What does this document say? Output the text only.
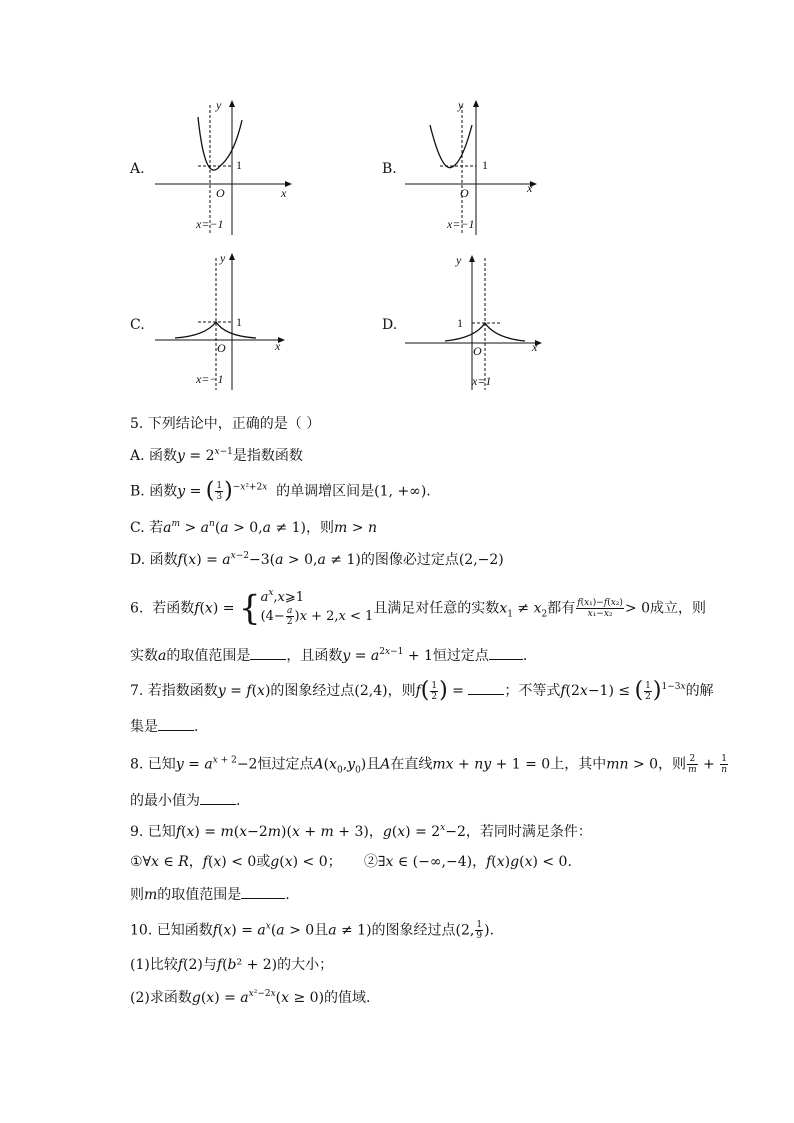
A.
y
x
O
1
x=−1
B.
y
x
O
1
x=−1
C.
y
x
O
1
x=−1
D.
y
x
O
1
x=1
5. 下列结论中，正确的是（ ）
A. 函数$y = 2^{x-1}$是指数函数
B. 函数y = ( $\frac{1}{3} )^{-x^2+2x}$ 的单调增区间是(1, +∞).
C. 若$a^m > a^n(a > 0,a \ne 1)$，则m > n
D. 函数$f(x) = a^{x-2}-3(a > 0,a \ne 1)$的图像必过定点(2,−2)
6. 若函数$f(x) = \{a^x,x⩾1$
$(4- \frac{a}{2} )x + 2,x < 1$且满足对任意的实数$x_1 \ne x_2$都有 $\frac{\text{f(x₁)−f(x₂)}}{\text{x₁−x₂}} > 0$成立，则
实数a的取值范围是	，且函数$y = a^{2x-1} + 1$恒过定点 .
7. 若指数函数y = f(x)的图象经过点(2,4)，则$f( \frac{1}{2}$ ) =	；不等式f(2x−1) ≤ ( $\frac{1}{2} )^{1-3x}$的解
集是	.
8. 已知$y = a^{x + 2}-2$恒过定点$A(x_0,y_0)$且A在直线mx + ny + 1 = 0上，其中mn > 0，则 $\frac{2}{m} + \frac{1}{n}$
的最小值为	.
9. 已知f(x) = m(x−2m)(x + m + 3)，$g(x) = 2^x-2$，若同时满足条件：
①∀x ∈ R，f(x) < 0或g(x) < 0；     ②∃x ∈ (−∞,−4)，f(x)g(x) < 0.
则m的取值范围是	.
10. 已知函数$f(x) = a^x(a > 0$且a ≠ 1)的图象经过点(2, $\frac{1}{9}$ ).
(1)比较f(2)与f(b² + 2)的大小；
(2)求函数$g(x) = a^{x^2-2x}(x \ge 0)$的值域.
